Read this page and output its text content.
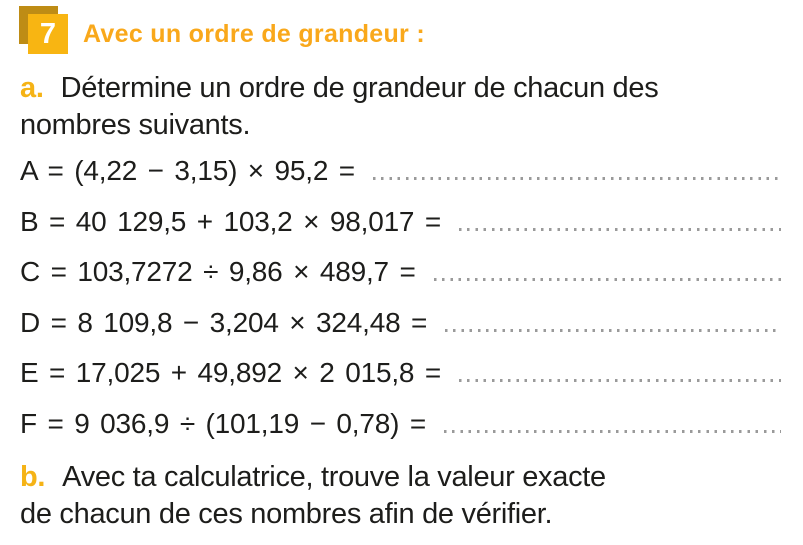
7	Avec un ordre de grandeur :

a. Détermine un ordre de grandeur de chacun des
nombres suivants.

A = (4,22 − 3,15) × 95,2 =
B = 40 129,5 + 103,2 × 98,017 =
C = 103,7272 ÷ 9,86 × 489,7 =
D = 8 109,8 − 3,204 × 324,48 =
E = 17,025 + 49,892 × 2 015,8 =
F = 9 036,9 ÷ (101,19 − 0,78) =

b. Avec ta calculatrice, trouve la valeur exacte
de chacun de ces nombres afin de vérifier.
